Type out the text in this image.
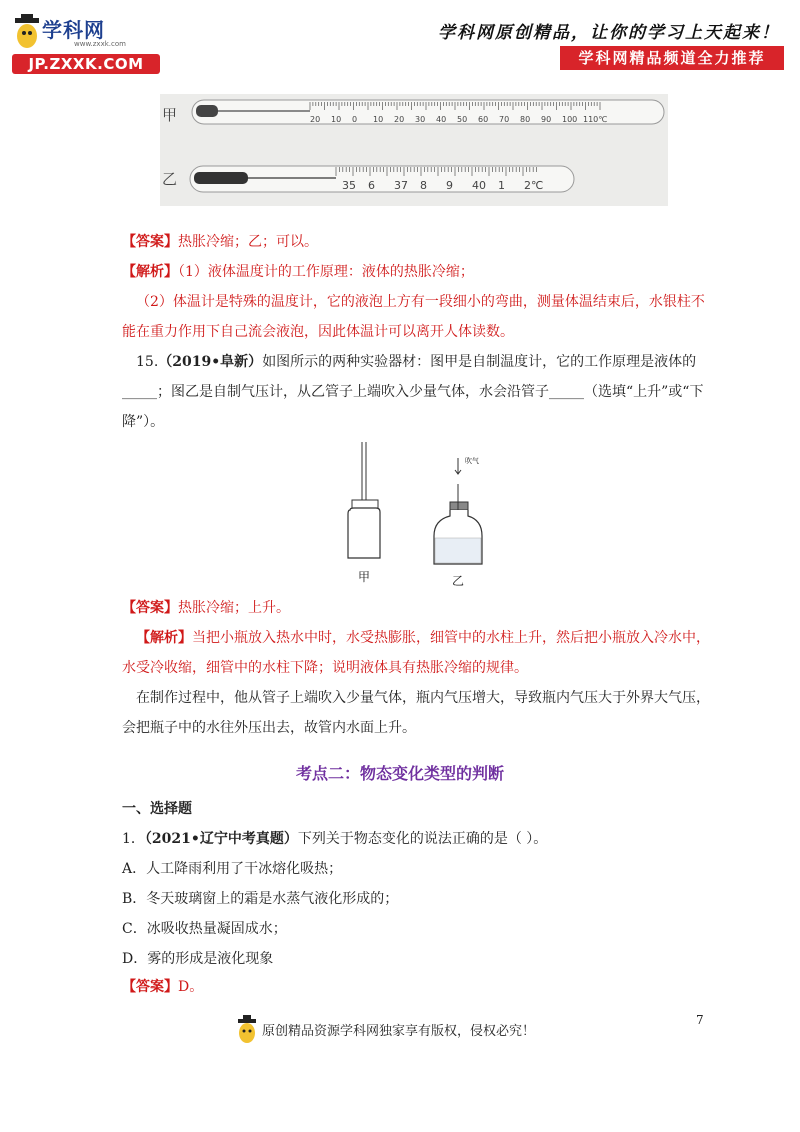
学科网
www.zxxk.com
JP.ZXXK.COM
学科网原创精品，让你的学习上天起来！
学科网精品频道全力推荐
20 10 0 10 20 30 40 50 60 70 80 90 100 110℃
35 6 37 8 9 40 1 2℃
甲
乙
【答案】热胀冷缩；乙；可以。
【解析】（1）液体温度计的工作原理：液体的热胀冷缩；
（2）体温计是特殊的温度计，它的液泡上方有一段细小的弯曲，测量体温结束后，水银柱不
能在重力作用下自己流会液泡，因此体温计可以离开人体读数。
15.（2019•阜新）如图所示的两种实验器材：图甲是自制温度计，它的工作原理是液体的
_____；图乙是自制气压计，从乙管子上端吹入少量气体，水会沿管子_____（选填“上升”或“下
降”）。
吹气
甲	乙
【答案】热胀冷缩；上升。
【解析】当把小瓶放入热水中时，水受热膨胀，细管中的水柱上升，然后把小瓶放入冷水中，
水受冷收缩，细管中的水柱下降；说明液体具有热胀冷缩的规律。
在制作过程中，他从管子上端吹入少量气体，瓶内气压增大，导致瓶内气压大于外界大气压，
会把瓶子中的水往外压出去，故管内水面上升。
考点二：物态变化类型的判断
一、选择题
1．（2021•辽宁中考真题）下列关于物态变化的说法正确的是（ ）。
A．人工降雨利用了干冰熔化吸热；
B．冬天玻璃窗上的霜是水蒸气液化形成的；
C．冰吸收热量凝固成水；
D．雾的形成是液化现象
【答案】D。
7
原创精品资源学科网独家享有版权，侵权必究！
